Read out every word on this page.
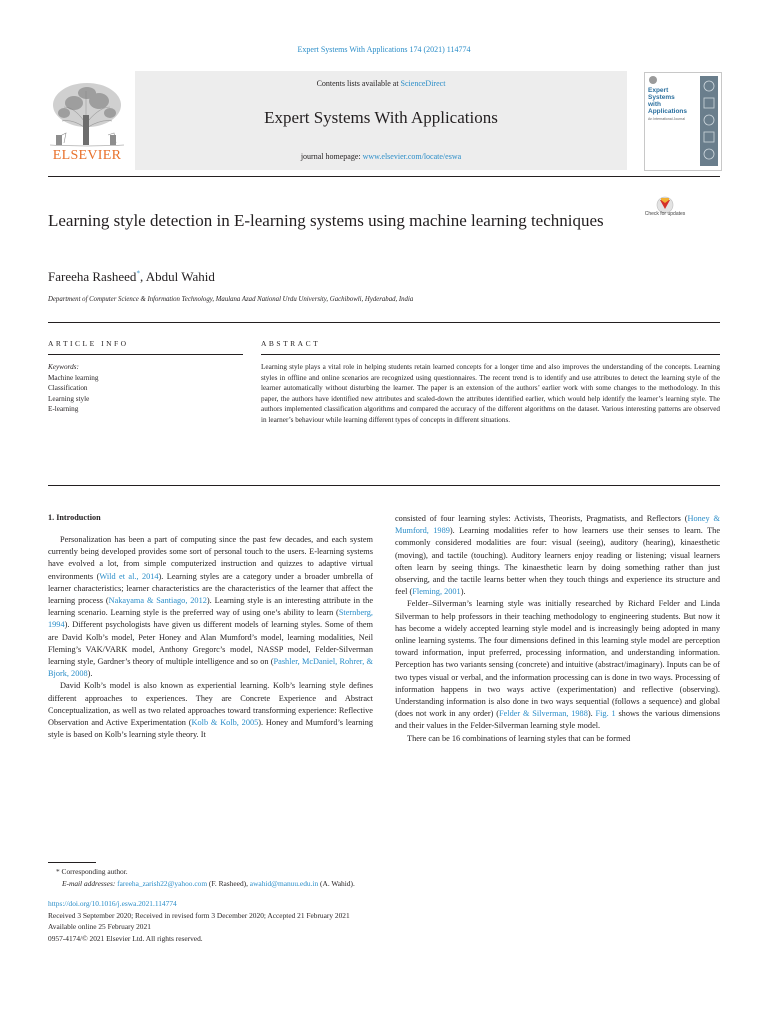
Expert Systems With Applications 174 (2021) 114774
ELSEVIER
Contents lists available at ScienceDirect
Expert Systems With Applications
journal homepage: www.elsevier.com/locate/eswa
Expert
Systems
with
Applications
An International Journal
Learning style detection in E-learning systems using machine learning techniques	Check for updates
Fareeha Rasheed*, Abdul Wahid
Department of Computer Science & Information Technology, Maulana Azad National Urdu University, Gachibowli, Hyderabad, India
ARTICLE INFO	ABSTRACT
Keywords:
Machine learning
Classification
Learning style
E-learning
Learning style plays a vital role in helping students retain learned concepts for a longer time and also improves the understanding of the concepts. Learning styles in offline and online scenarios are recognized using questionnaires. The recent trend is to identify and use attributes to detect the learning style of the learner automatically without disturbing the learner. The paper is an extension of the authors’ earlier work with some changes to the methodology. In this paper, the authors have identified new attributes and scaled-down the attributes identified earlier, which would help identify the learner’s learning style. The authors implemented classification algorithms and compared the accuracy of the different algorithms on the dataset. Various interesting patterns are observed in learner’s behaviour while learning different types of concepts in different situations.
1. Introduction

Personalization has been a part of computing since the past few decades, and each system currently being developed provides some sort of personal touch to the users. E-learning systems have evolved a lot, from simple computerized instruction and quizzes to adaptive virtual environments (Wild et al., 2014). Learning styles are a category under a broader umbrella of learner characteristics; learner characteristics are the characteristics of the learner that affect the learning process (Nakayama & Santiago, 2012). Learning style is an interesting attribute in the learning scenario. Learning style is the preferred way of using one’s ability to learn (Sternberg, 1994). Different psychologists have given us different models of learning styles. Some of them are David Kolb’s model, Peter Honey and Alan Mumford’s model, learning modalities, Neil Fleming’s VAK/VARK model, Anthony Gregorc’s model, NASSP model, Felder-Silverman learning style, Gardner’s theory of multiple intelligence and so on (Pashler, McDaniel, Rohrer, & Bjork, 2008).

David Kolb’s model is also known as experiential learning. Kolb’s learning style defines different approaches to experiences. They are Concrete Experience and Abstract Conceptualization, as well as two related approaches toward transforming experience: Reflective Observation and Active Experimentation (Kolb & Kolb, 2005). Honey and Mumford’s learning style is based on Kolb’s learning style theory. It

consisted of four learning styles: Activists, Theorists, Pragmatists, and Reflectors (Honey & Mumford, 1989). Learning modalities refer to how learners use their senses to learn. The commonly considered modalities are four: visual (seeing), auditory (hearing), kinaesthetic (moving), and tactile (touching). Auditory learners enjoy reading or listening; visual learners often learn by seeing things. The kinaesthetic learn by doing something rather than just observing, and the tactile learns better when they touch things and experience its structure and feel (Fleming, 2001).

Felder–Silverman’s learning style was initially researched by Richard Felder and Linda Silverman to help professors in their teaching methodology to engineering students. But now it has become a widely accepted learning style model and is increasingly being adopted in many online learning systems. The four dimensions defined in this learning style model are perception toward information, input preferred, processing information, and understanding information. Perception has two variants sensing (concrete) and intuitive (abstract/imaginary). Inputs can be of two types visual or verbal, and the information processing can is done in two ways. Processing of information happens in two ways active (experimentation) and reflective (observing). Understanding information is also done in two ways sequential (follows a sequence) and global (does not work in any order) (Felder & Silverman, 1988). Fig. 1 shows the various dimensions and their values in the Felder-Silverman learning style model.

There can be 16 combinations of learning styles that can be formed

* Corresponding author.
E-mail addresses: fareeha_zarish22@yahoo.com (F. Rasheed), awahid@manuu.edu.in (A. Wahid).
https://doi.org/10.1016/j.eswa.2021.114774
Received 3 September 2020; Received in revised form 3 December 2020; Accepted 21 February 2021
Available online 25 February 2021
0957-4174/© 2021 Elsevier Ltd. All rights reserved.
